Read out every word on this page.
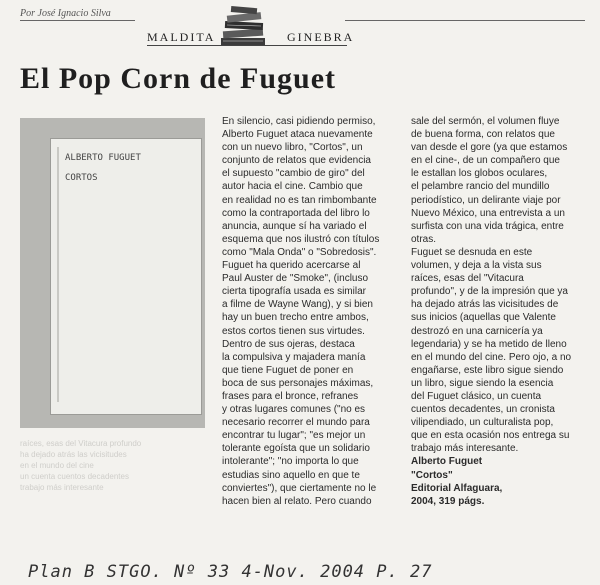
Por José Ignacio Silva
MALDITA	GINEBRA
El Pop Corn de Fuguet
ALBERTO FUGUET
CORTOS
raíces, esas del Vitacura profundo
ha dejado atrás las vicisitudes
en el mundo del cine
un cuenta cuentos decadentes
trabajo más interesante
En silencio, casi pidiendo permiso,
Alberto Fuguet ataca nuevamente
con un nuevo libro, "Cortos", un
conjunto de relatos que evidencia
el supuesto "cambio de giro" del
autor hacia el cine. Cambio que
en realidad no es tan rimbombante
como la contraportada del libro lo
anuncia, aunque sí ha variado el
esquema que nos ilustró con títulos
como "Mala Onda" o "Sobredosis".
Fuguet ha querido acercarse al
Paul Auster de "Smoke", (incluso
cierta tipografía usada es similar
a filme de Wayne Wang), y si bien
hay un buen trecho entre ambos,
estos cortos tienen sus virtudes.
Dentro de sus ojeras, destaca
la compulsiva y majadera manía
que tiene Fuguet de poner en
boca de sus personajes máximas,
frases para el bronce, refranes
y otras lugares comunes ("no es
necesario recorrer el mundo para
encontrar tu lugar"; "es mejor un
tolerante egoísta que un solidario
intolerante"; "no importa lo que
estudias sino aquello en que te
conviertes"), que ciertamente no le
hacen bien al relato. Pero cuando
sale del sermón, el volumen fluye
de buena forma, con relatos que
van desde el gore (ya que estamos
en el cine-, de un compañero que
le estallan los globos oculares,
el pelambre rancio del mundillo
periodístico, un delirante viaje por
Nuevo México, una entrevista a un
surfista con una vida trágica, entre
otras.
Fuguet se desnuda en este
volumen, y deja a la vista sus
raíces, esas del "Vitacura
profundo", y de la impresión que ya
ha dejado atrás las vicisitudes de
sus inicios (aquellas que Valente
destrozó en una carnicería ya
legendaria) y se ha metido de lleno
en el mundo del cine. Pero ojo, a no
engañarse, este libro sigue siendo
un libro, sigue siendo la esencia
del Fuguet clásico, un cuenta
cuentos decadentes, un cronista
vilipendiado, un culturalista pop,
que en esta ocasión nos entrega su
trabajo más interesante.
Alberto Fuguet
"Cortos"
Editorial Alfaguara,
2004, 319 págs.
Plan B STGO. Nº 33 4-Nov. 2004 P. 27
